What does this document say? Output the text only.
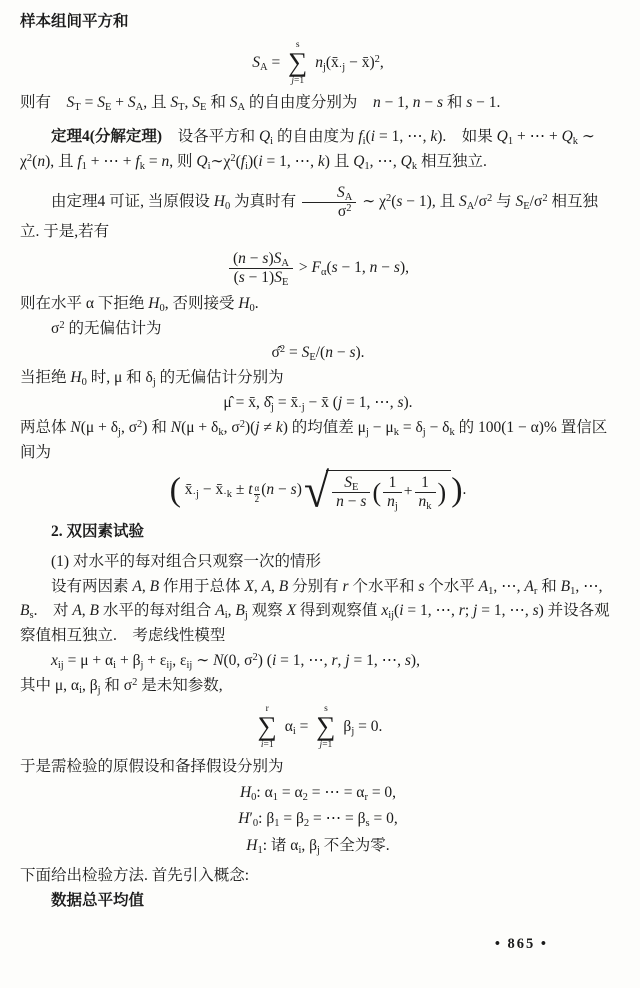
样本组间平方和
$S_A$ =
s
∑
j=1
$n_j(x̄_{\cdot j}$ − x̄)$^2$,
则有　$S_T = S_E + S_A$, 且 $S_T$, $S_E$ 和 $S_A$ 的自由度分别为　n − 1, n − s 和 s − 1.
定理4(分解定理)　设各平方和 $Q_i$ 的自由度为 $f_i(i = 1$, ⋯, k).　如果 $Q_1$ + ⋯ + $Q_k$ ∼ $\chi^2(n)$, 且 $f_1$ + ⋯ + $f_k = n$, 则 $Q_i\sim\chi^2(f_i)(i = 1$, ⋯, k) 且 $Q_1$, ⋯, $Q_k$ 相互独立.
由定理4 可证, 当原假设 $H_0$ 为真时有 $\frac{S_A}{\sigma^2}$ ∼ $\chi^2(s - 1)$, 且 $S_A/\sigma^2$ 与 $S_E/\sigma^2$ 相互独立. 于是,若有
$\frac{(n - s)S_A}{(s - 1)S_E} > F_\alpha(s - 1$, n − s),
则在水平 α 下拒绝 $H_0$, 否则接受 $H_0$.
$\sigma^2$ 的无偏估计为
σ̂$^2$ = $S_E/(n - s)$.
当拒绝 $H_0$ 时, μ 和 $\delta_j$ 的无偏估计分别为
μ̂ = x̄, $\deltâ_j$ = $x̄_{\cdot j}$ − x̄ (j = 1, ⋯, s).
两总体 $N(\mu + \delta_j$, $\sigma^2$) 和 $N(\mu + \delta_k$, $\sigma^2)(j \ne k)$ 的均值差 $\mu_j - \mu_k = \delta_j - \delta_k$ 的 100(1 − α)% 置信区间为
( $x̄_{\cdot j}$ − $x̄_{\cdot k} \pm t$ $_{\frac{\alpha}{2}}$ (n − s) √ $\frac{S_E}{n - s}$ ( $\frac{1}{n_j} + \frac{1}{n_k}$ ) ).
2. 双因素试验
(1) 对水平的每对组合只观察一次的情形
设有两因素 A, B 作用于总体 X, A, B 分别有 r 个水平和 s 个水平 $A_1$, ⋯, $A_r$ 和 $B_1$, ⋯, $B_s$.　对 A, B 水平的每对组合 $A_i$, $B_j$ 观察 X 得到观察值 $x_{ij}(i = 1$, ⋯, r; j = 1, ⋯, s) 并设各观察值相互独立.　考虑线性模型
$x_{ij} = \mu + \alpha_i + \beta_j + \varepsilon_{ij}$, $\varepsilon_{ij}$ ∼ N(0, $\sigma^2$) (i = 1, ⋯, r, j = 1, ⋯, s),
其中 μ, $\alpha_i$, $\beta_j$ 和 $\sigma^2$ 是未知参数,
r
∑
i=1
$\alpha_i$ =
s
∑
j=1
$\beta_j = 0$.
于是需检验的原假设和备择假设分别为
$H_0$: $\alpha_1 = \alpha_2$ = ⋯ = $\alpha_r = 0$,
$H'_0$: $\beta_1 = \beta_2$ = ⋯ = $\beta_s = 0$,
$H_1$: 诸 $\alpha_i$, $\beta_j$ 不全为零.
下面给出检验方法. 首先引入概念:
数据总平均值
• 865 •
